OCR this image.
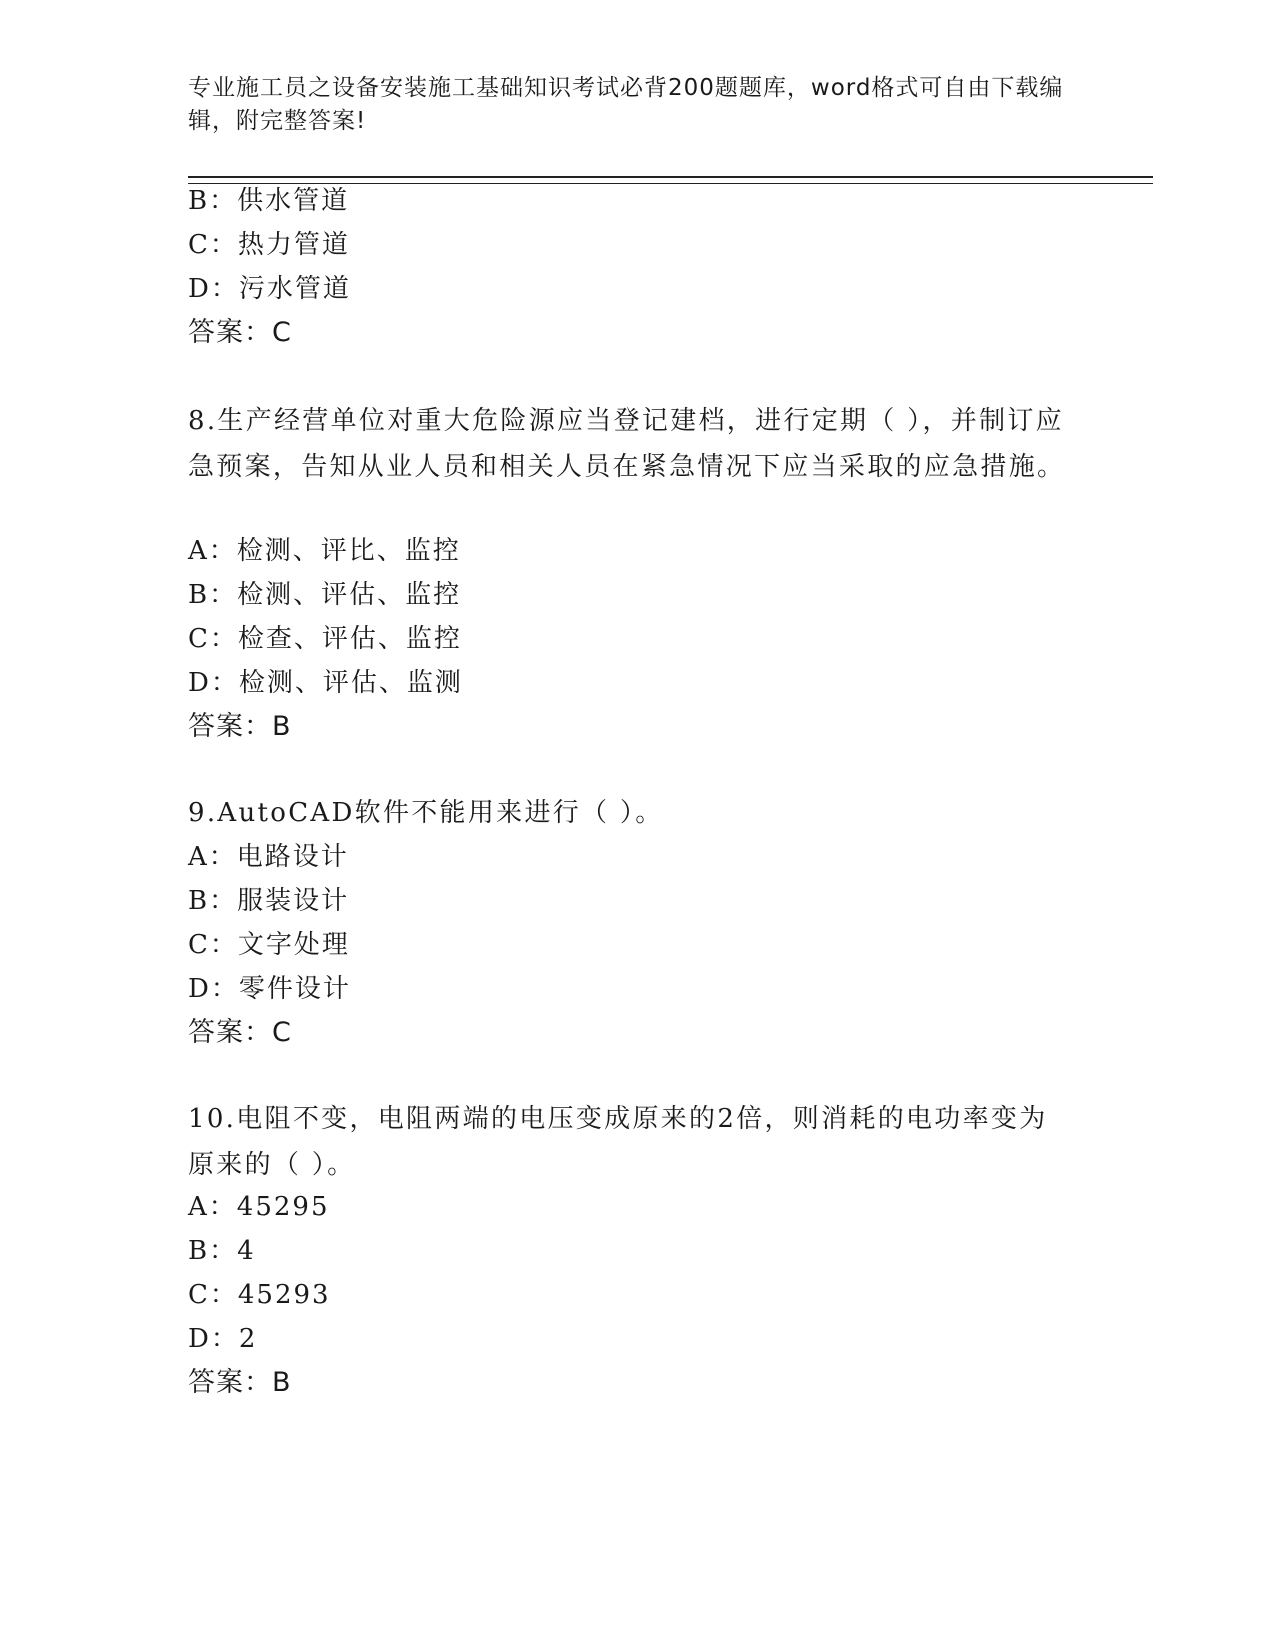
专业施工员之设备安装施工基础知识考试必背200题题库，word格式可自由下载编辑，附完整答案!
B：供水管道
C：热力管道
D：污水管道
答案：C
8.生产经营单位对重大危险源应当登记建档，进行定期（ ），并制订应急预案，告知从业人员和相关人员在紧急情况下应当采取的应急措施。
A：检测、评比、监控
B：检测、评估、监控
C：检查、评估、监控
D：检测、评估、监测
答案：B
9.AutoCAD软件不能用来进行（ ）。
A：电路设计
B：服装设计
C：文字处理
D：零件设计
答案：C
10.电阻不变，电阻两端的电压变成原来的2倍，则消耗的电功率变为原来的（ ）。
A：45295
B：4
C：45293
D：2
答案：B
